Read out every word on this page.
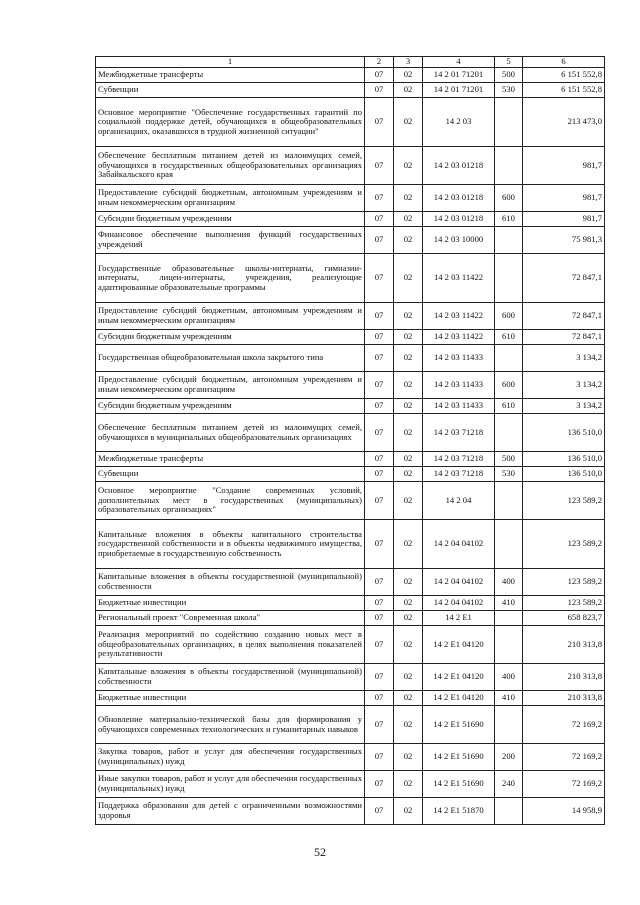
1	2	3	4	5	6
Межбюджетные трансферты	07	02	14 2 01 71201	500	6 151 552,8
Субвенции	07	02	14 2 01 71201	530	6 151 552,8
Основное мероприятие "Обеспечение государственных гарантий по социальной поддержке детей, обучающихся в общеобразовательных организациях, оказавшихся в трудной жизненной ситуации"	07	02	14 2 03		213 473,0
Обеспечение бесплатным питанием детей из малоимущих семей, обучающихся в государственных общеобразовательных организациях Забайкальского края	07	02	14 2 03 01218		981,7
Предоставление субсидий бюджетным, автономным учреждениям и иным некоммерческим организациям	07	02	14 2 03 01218	600	981,7
Субсидии бюджетным учреждениям	07	02	14 2 03 01218	610	981,7
Финансовое обеспечение выполнения функций государственных учреждений	07	02	14 2 03 10000		75 981,3
Государственные образовательные школы-интернаты, гимназии-интернаты, лицеи-интернаты, учреждения, реализующие адаптированные образовательные программы	07	02	14 2 03 11422		72 847,1
Предоставление субсидий бюджетным, автономным учреждениям и иным некоммерческим организациям	07	02	14 2 03 11422	600	72 847,1
Субсидии бюджетным учреждениям	07	02	14 2 03 11422	610	72 847,1
Государственная общеобразовательная школа закрытого типа	07	02	14 2 03 11433		3 134,2
Предоставление субсидий бюджетным, автономным учреждениям и иным некоммерческим организациям	07	02	14 2 03 11433	600	3 134,2
Субсидии бюджетным учреждениям	07	02	14 2 03 11433	610	3 134,2
Обеспечение бесплатным питанием детей из малоимущих семей, обучающихся в муниципальных общеобразовательных организациях	07	02	14 2 03 71218		136 510,0
Межбюджетные трансферты	07	02	14 2 03 71218	500	136 510,0
Субвенции	07	02	14 2 03 71218	530	136 510,0
Основное мероприятие "Создание современных условий, дополнительных мест в государственных (муниципальных) образовательных организациях"	07	02	14 2 04		123 589,2
Капитальные вложения в объекты капитального строительства государственной собственности и в объекты недвижимого имущества, приобретаемые в государственную собственность	07	02	14 2 04 04102		123 589,2
Капитальные вложения в объекты государственной (муниципальной) собственности	07	02	14 2 04 04102	400	123 589,2
Бюджетные инвестиции	07	02	14 2 04 04102	410	123 589,2
Региональный проект "Современная школа"	07	02	14 2 E1		658 823,7
Реализация мероприятий по содействию созданию новых мест в общеобразовательных организациях, в целях выполнения показателей результативности	07	02	14 2 E1 04120		210 313,8
Капитальные вложения в объекты государственной (муниципальной) собственности	07	02	14 2 E1 04120	400	210 313,8
Бюджетные инвестиции	07	02	14 2 E1 04120	410	210 313,8
Обновление материально-технической базы для формирования у обучающихся современных технологических и гуманитарных навыков	07	02	14 2 E1 51690		72 169,2
Закупка товаров, работ и услуг для обеспечения государственных (муниципальных) нужд	07	02	14 2 E1 51690	200	72 169,2
Иные закупки товаров, работ и услуг для обеспечения государственных (муниципальных) нужд	07	02	14 2 E1 51690	240	72 169,2
Поддержка образования для детей с ограниченными возможностями здоровья	07	02	14 2 E1 51870		14 958,9
52
